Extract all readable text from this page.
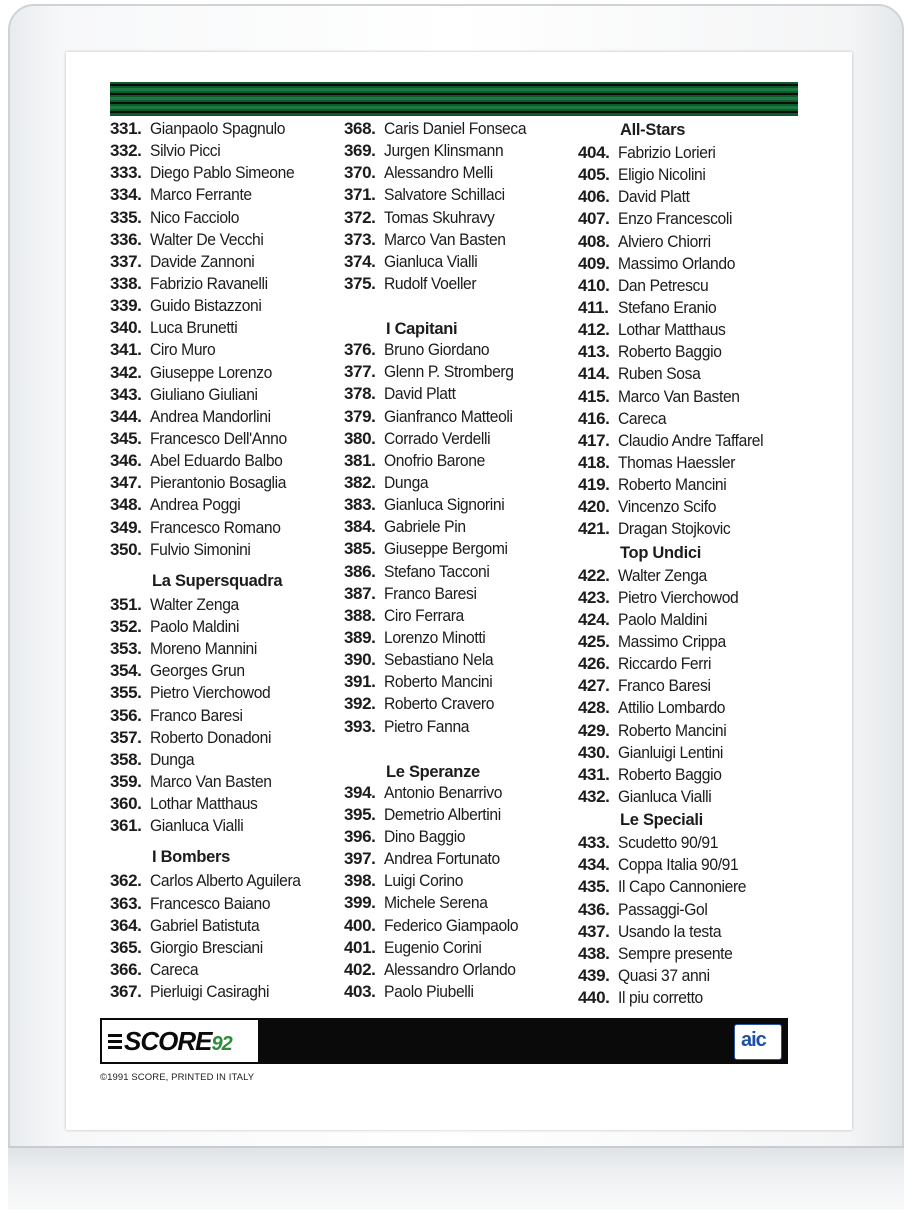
331. Gianpaolo Spagnulo
332. Silvio Picci
333. Diego Pablo Simeone
334. Marco Ferrante
335. Nico Facciolo
336. Walter De Vecchi
337. Davide Zannoni
338. Fabrizio Ravanelli
339. Guido Bistazzoni
340. Luca Brunetti
341. Ciro Muro
342. Giuseppe Lorenzo
343. Giuliano Giuliani
344. Andrea Mandorlini
345. Francesco Dell'Anno
346. Abel Eduardo Balbo
347. Pierantonio Bosaglia
348. Andrea Poggi
349. Francesco Romano
350. Fulvio Simonini
La Supersquadra
351. Walter Zenga
352. Paolo Maldini
353. Moreno Mannini
354. Georges Grun
355. Pietro Vierchowod
356. Franco Baresi
357. Roberto Donadoni
358. Dunga
359. Marco Van Basten
360. Lothar Matthaus
361. Gianluca Vialli
I Bombers
362. Carlos Alberto Aguilera
363. Francesco Baiano
364. Gabriel Batistuta
365. Giorgio Bresciani
366. Careca
367. Pierluigi Casiraghi
368. Caris Daniel Fonseca
369. Jurgen Klinsmann
370. Alessandro Melli
371. Salvatore Schillaci
372. Tomas Skuhravy
373. Marco Van Basten
374. Gianluca Vialli
375. Rudolf Voeller
I Capitani
376. Bruno Giordano
377. Glenn P. Stromberg
378. David Platt
379. Gianfranco Matteoli
380. Corrado Verdelli
381. Onofrio Barone
382. Dunga
383. Gianluca Signorini
384. Gabriele Pin
385. Giuseppe Bergomi
386. Stefano Tacconi
387. Franco Baresi
388. Ciro Ferrara
389. Lorenzo Minotti
390. Sebastiano Nela
391. Roberto Mancini
392. Roberto Cravero
393. Pietro Fanna
Le Speranze
394. Antonio Benarrivo
395. Demetrio Albertini
396. Dino Baggio
397. Andrea Fortunato
398. Luigi Corino
399. Michele Serena
400. Federico Giampaolo
401. Eugenio Corini
402. Alessandro Orlando
403. Paolo Piubelli
All-Stars
404. Fabrizio Lorieri
405. Eligio Nicolini
406. David Platt
407. Enzo Francescoli
408. Alviero Chiorri
409. Massimo Orlando
410. Dan Petrescu
411. Stefano Eranio
412. Lothar Matthaus
413. Roberto Baggio
414. Ruben Sosa
415. Marco Van Basten
416. Careca
417. Claudio Andre Taffarel
418. Thomas Haessler
419. Roberto Mancini
420. Vincenzo Scifo
421. Dragan Stojkovic
Top Undici
422. Walter Zenga
423. Pietro Vierchowod
424. Paolo Maldini
425. Massimo Crippa
426. Riccardo Ferri
427. Franco Baresi
428. Attilio Lombardo
429. Roberto Mancini
430. Gianluigi Lentini
431. Roberto Baggio
432. Gianluca Vialli
Le Speciali
433. Scudetto 90/91
434. Coppa Italia 90/91
435. Il Capo Cannoniere
436. Passaggi-Gol
437. Usando la testa
438. Sempre presente
439. Quasi 37 anni
440. Il piu corretto
SCORE92	aic
©1991 SCORE, PRINTED IN ITALY
